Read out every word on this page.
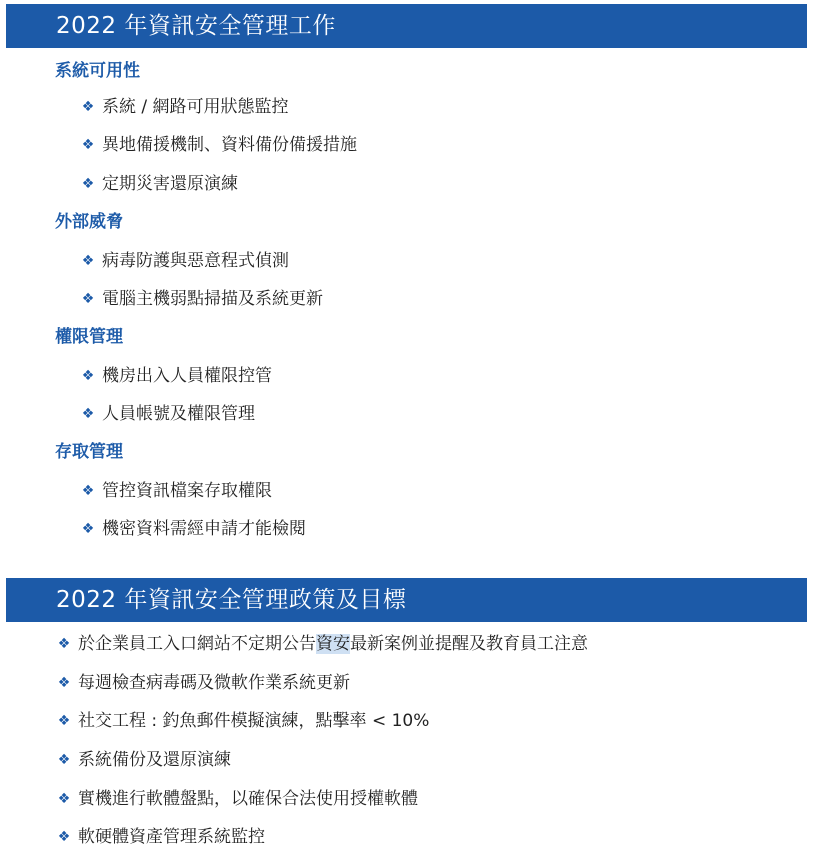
2022 年資訊安全管理工作
系統可用性
❖ 系統 / 網路可用狀態監控
❖ 異地備援機制、資料備份備援措施
❖ 定期災害還原演練
外部威脅
❖ 病毒防護與惡意程式偵測
❖ 電腦主機弱點掃描及系統更新
權限管理
❖ 機房出入人員權限控管
❖ 人員帳號及權限管理
存取管理
❖ 管控資訊檔案存取權限
❖ 機密資料需經申請才能檢閱
2022 年資訊安全管理政策及目標
❖ 於企業員工入口網站不定期公告資安最新案例並提醒及教育員工注意
❖ 每週檢查病毒碼及微軟作業系統更新
❖ 社交工程 : 釣魚郵件模擬演練，點擊率 < 10%
❖ 系統備份及還原演練
❖ 實機進行軟體盤點，以確保合法使用授權軟體
❖ 軟硬體資產管理系統監控
